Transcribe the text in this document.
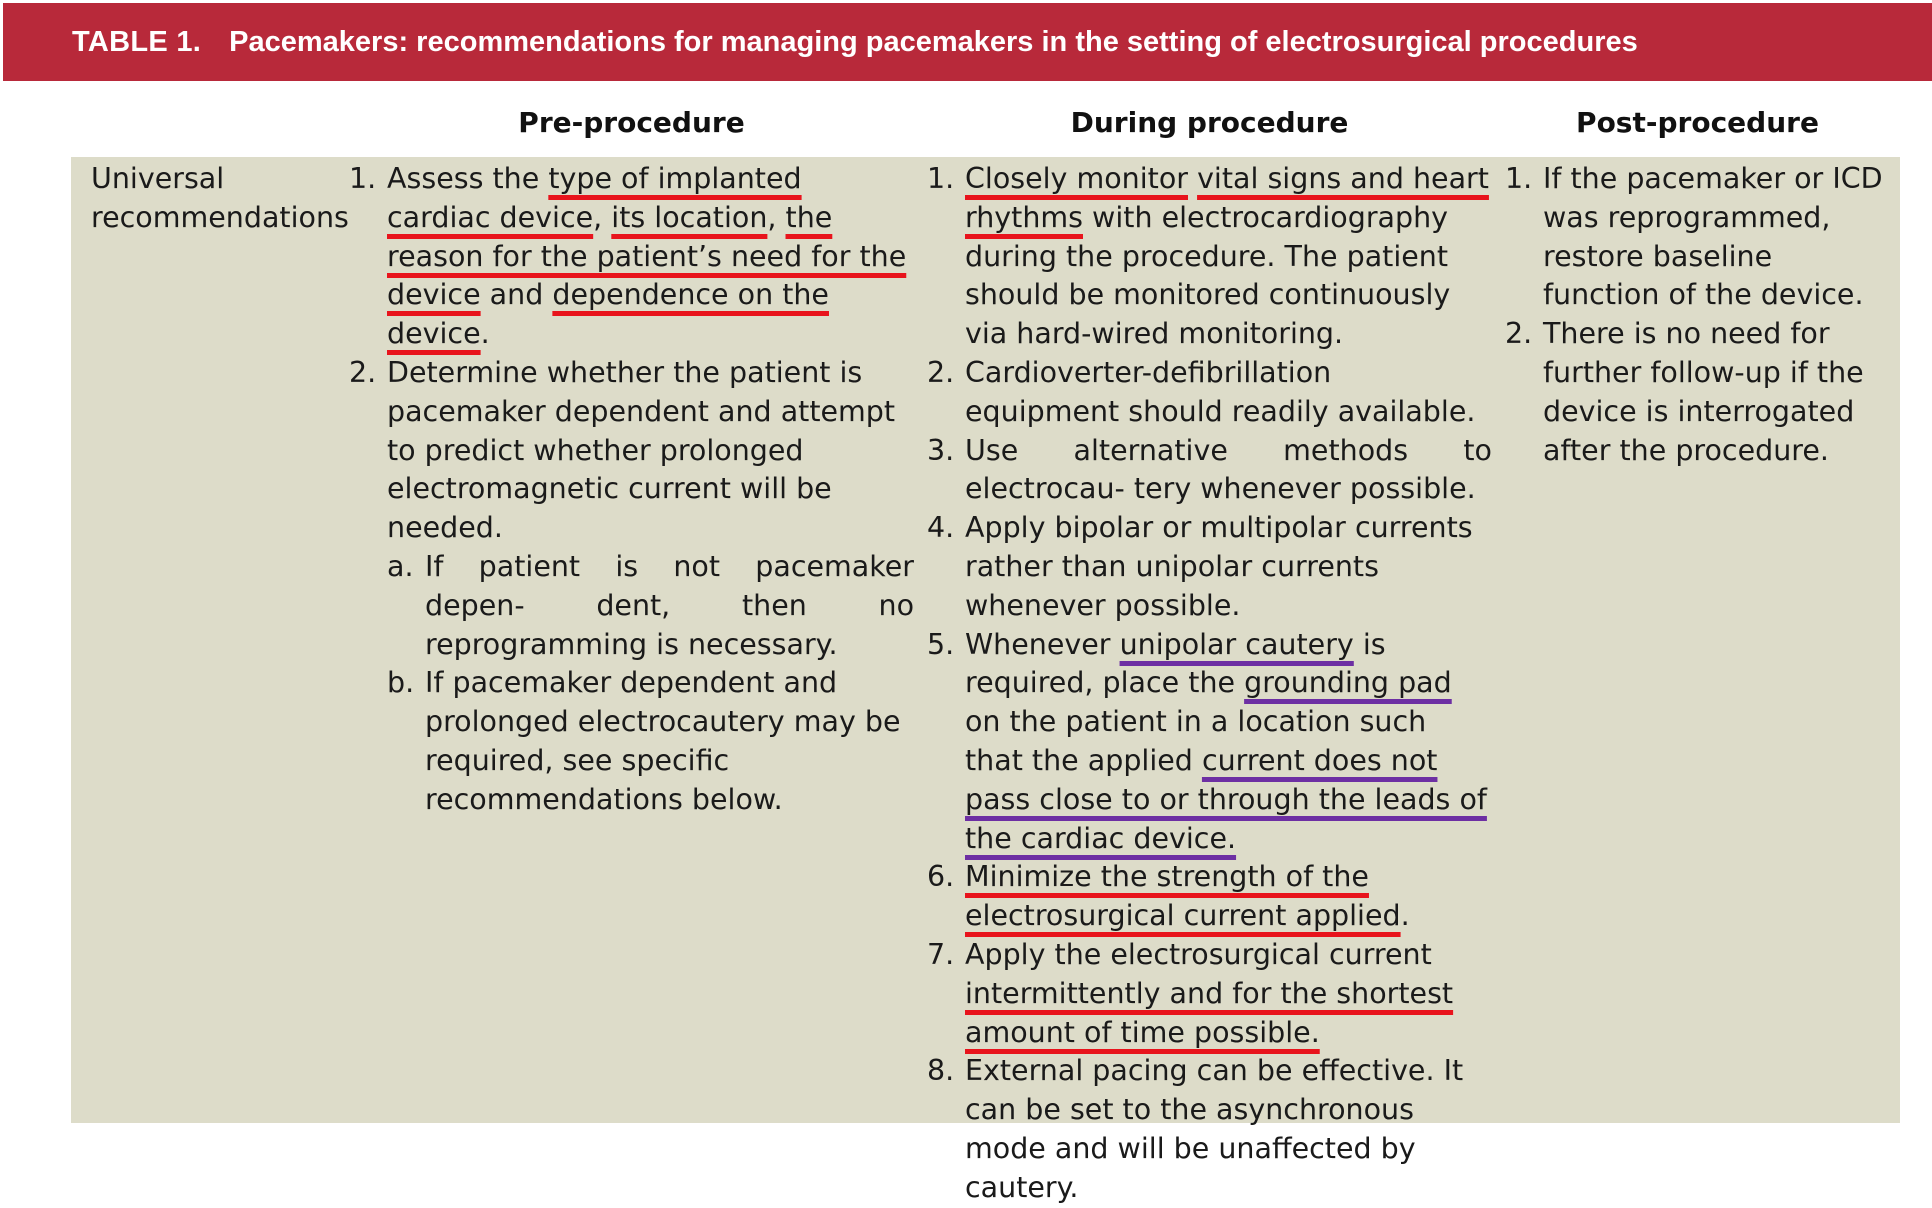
TABLE 1. Pacemakers: recommendations for managing pacemakers in the setting of electrosurgical procedures
Pre-procedure	During procedure	Post-procedure
Universal
recommendations
1. Assess the type of implanted cardiac device, its location, the reason for the patient’s need for the device and dependence on the device.
2. Determine whether the patient is pacemaker dependent and attempt to predict whether prolonged electromagnetic current will be needed.
a. If patient is not pacemaker depen- dent, then no reprogramming is necessary.
b. If pacemaker dependent and prolonged electrocautery may be required, see specific recommendations below.
1. Closely monitor vital signs and heart rhythms with electrocardiography during the procedure. The patient should be monitored continuously via hard-wired monitoring.
2. Cardioverter-defibrillation equipment should readily available.
3. Use alternative methods to electrocau- tery whenever possible.
4. Apply bipolar or multipolar currents rather than unipolar currents whenever possible.
5. Whenever unipolar cautery is required, place the grounding pad on the patient in a location such that the applied current does not pass close to or through the leads of the cardiac device.
6. Minimize the strength of the electrosurgical current applied.
7. Apply the electrosurgical current intermittently and for the shortest amount of time possible.
8. External pacing can be effective. It can be set to the asynchronous mode and will be unaffected by cautery.
1. If the pacemaker or ICD was reprogrammed, restore baseline function of the device.
2. There is no need for further follow-up if the device is interrogated after the procedure.
